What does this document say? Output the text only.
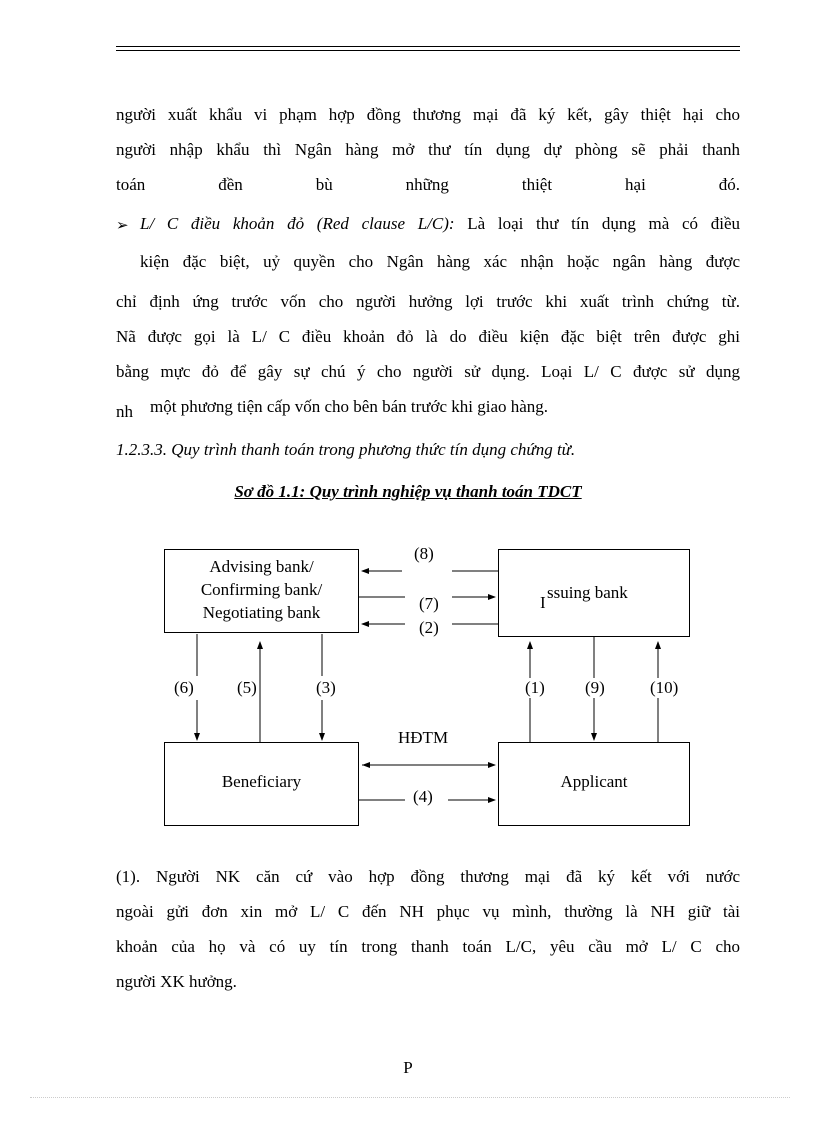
người xuất khẩu vi phạm hợp đồng thương mại đã ký kết, gây thiệt hại cho
người nhập khẩu thì Ngân hàng mở thư tín dụng dự phòng sẽ phải thanh
toán đền bù những thiệt hại đó.
➢ L/ C điều khoản đỏ (Red clause L/C): Là loại thư tín dụng mà có điều
kiện đặc biệt, uỷ quyền cho Ngân hàng xác nhận hoặc ngân hàng được
chỉ định ứng trước vốn cho người hưởng lợi trước khi xuất trình chứng từ.
Nã được gọi là L/ C điều khoản đỏ là do điều kiện đặc biệt trên được ghi
bằng mực đỏ để gây sự chú ý cho người sử dụng. Loại L/ C được sử dụng
nh một phương tiện cấp vốn cho bên bán trước khi giao hàng.
1.2.3.3. Quy trình thanh toán trong phương thức tín dụng chứng từ.
Sơ đồ 1.1: Quy trình nghiệp vụ thanh toán TDCT
Advising bank/
Confirming bank/
Negotiating bank
I
ssuing bank
Beneficiary	Applicant
(8)
(7)
(2)
(6)	(5)	(3)	(1) (9)	(10)
HĐTM
(4)
(1). Người NK căn cứ vào hợp đồng thương mại đã ký kết với nước
ngoài gửi đơn xin mở L/ C đến NH phục vụ mình, thường là NH giữ tài
khoản của họ và có uy tín trong thanh toán L/C, yêu cầu mở L/ C cho
người XK hưởng.
P
